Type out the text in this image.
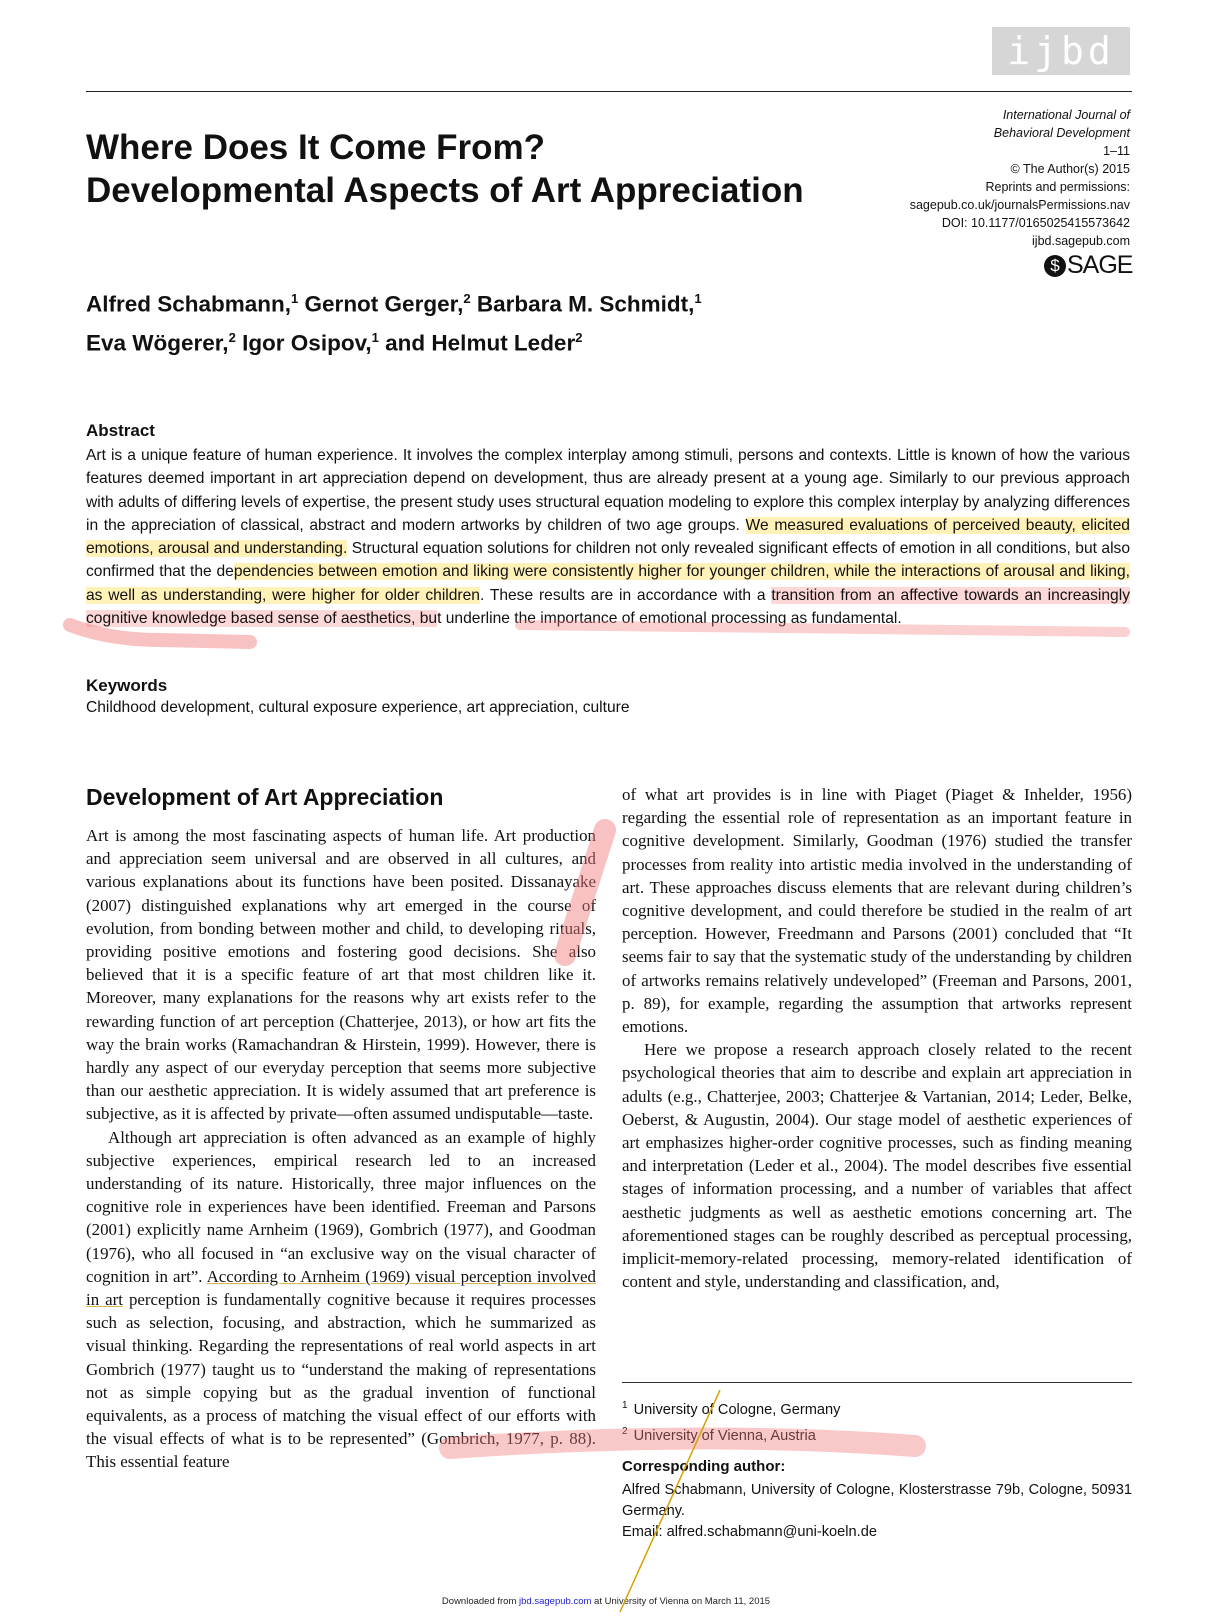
ijbd
Where Does It Come From?
Developmental Aspects of Art Appreciation
International Journal of
Behavioral Development
1–11
© The Author(s) 2015
Reprints and permissions:
sagepub.co.uk/journalsPermissions.nav
DOI: 10.1177/0165025415573642
ijbd.sagepub.com
$ SAGE
Alfred Schabmann,$^1$ Gernot Gerger,$^2$ Barbara M. Schmidt,$^1$
Eva Wögerer,$^2$ Igor Osipov,$^1$ and Helmut Leder$^2$
Abstract

Art is a unique feature of human experience. It involves the complex interplay among stimuli, persons and contexts. Little is known of how the various features deemed important in art appreciation depend on development, thus are already present at a young age. Similarly to our previous approach with adults of differing levels of expertise, the present study uses structural equation modeling to explore this complex interplay by analyzing differences in the appreciation of classical, abstract and modern artworks by children of two age groups. We measured evaluations of perceived beauty, elicited emotions, arousal and understanding. Structural equation solutions for children not only revealed significant effects of emotion in all conditions, but also confirmed that the dependencies between emotion and liking were consistently higher for younger children, while the interactions of arousal and liking, as well as understanding, were higher for older children. These results are in accordance with a transition from an affective towards an increasingly cognitive knowledge based sense of aesthetics, but underline the importance of emotional processing as fundamental.

Keywords
Childhood development, cultural exposure experience, art appreciation, culture
Development of Art Appreciation

Art is among the most fascinating aspects of human life. Art production and appreciation seem universal and are observed in all cultures, and various explanations about its functions have been posited. Dissanayake (2007) distinguished explanations why art emerged in the course of evolution, from bonding between mother and child, to developing rituals, providing positive emotions and fostering good decisions. She also believed that it is a specific feature of art that most children like it. Moreover, many explanations for the reasons why art exists refer to the rewarding function of art perception (Chatterjee, 2013), or how art fits the way the brain works (Ramachandran & Hirstein, 1999). However, there is hardly any aspect of our everyday perception that seems more subjective than our aesthetic appreciation. It is widely assumed that art preference is subjective, as it is affected by private—often assumed undisputable—taste.

Although art appreciation is often advanced as an example of highly subjective experiences, empirical research led to an increased understanding of its nature. Historically, three major influences on the cognitive role in experiences have been identified. Freeman and Parsons (2001) explicitly name Arnheim (1969), Gombrich (1977), and Goodman (1976), who all focused in “an exclusive way on the visual character of cognition in art”. According to Arnheim (1969) visual perception involved in art perception is fundamentally cognitive because it requires processes such as selection, focusing, and abstraction, which he summarized as visual thinking. Regarding the representations of real world aspects in art Gombrich (1977) taught us to “understand the making of representations not as simple copying but as the gradual invention of functional equivalents, as a process of matching the visual effect of our efforts with the visual effects of what is to be represented” (Gombrich, 1977, p. 88). This essential feature

of what art provides is in line with Piaget (Piaget & Inhelder, 1956) regarding the essential role of representation as an important feature in cognitive development. Similarly, Goodman (1976) studied the transfer processes from reality into artistic media involved in the understanding of art. These approaches discuss elements that are relevant during children’s cognitive development, and could therefore be studied in the realm of art perception. However, Freedmann and Parsons (2001) concluded that “It seems fair to say that the systematic study of the understanding by children of artworks remains relatively undeveloped” (Freeman and Parsons, 2001, p. 89), for example, regarding the assumption that artworks represent emotions.

Here we propose a research approach closely related to the recent psychological theories that aim to describe and explain art appreciation in adults (e.g., Chatterjee, 2003; Chatterjee & Vartanian, 2014; Leder, Belke, Oeberst, & Augustin, 2004). Our stage model of aesthetic experiences of art emphasizes higher-order cognitive processes, such as finding meaning and interpretation (Leder et al., 2004). The model describes five essential stages of information processing, and a number of variables that affect aesthetic judgments as well as aesthetic emotions concerning art. The aforementioned stages can be roughly described as perceptual processing, implicit-memory-related processing, memory-related identification of content and style, understanding and classification, and,

$^1$ University of Cologne, Germany
$^2$ University of Vienna, Austria
Corresponding author:

Alfred Schabmann, University of Cologne, Klosterstrasse 79b, Cologne, 50931 Germany.
Email: alfred.schabmann@uni-koeln.de

Downloaded from jbd.sagepub.com at University of Vienna on March 11, 2015
